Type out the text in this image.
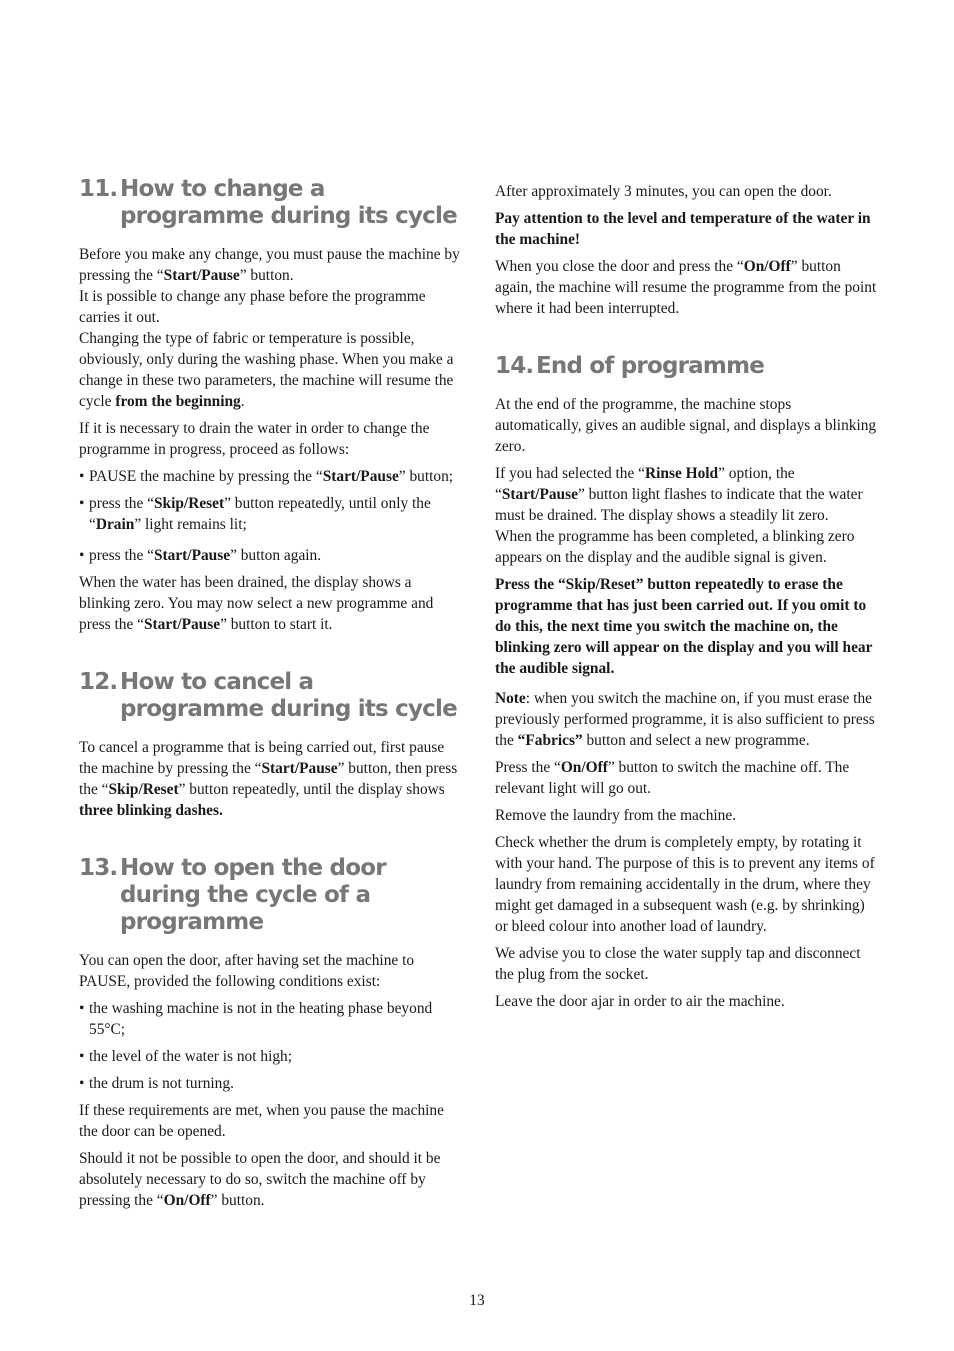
11. How to change a programme during its cycle

Before you make any change, you must pause the machine by pressing the “Start/Pause” button.

It is possible to change any phase before the programme carries it out.

Changing the type of fabric or temperature is possible, obviously, only during the washing phase. When you make a change in these two parameters, the machine will resume the cycle from the beginning.

If it is necessary to drain the water in order to change the programme in progress, proceed as follows:

• PAUSE the machine by pressing the “Start/Pause” button;
• press the “Skip/Reset” button repeatedly, until only the “Drain” light remains lit;
• press the “Start/Pause” button again.

When the water has been drained, the display shows a blinking zero. You may now select a new programme and press the “Start/Pause” button to start it.

12. How to cancel a programme during its cycle

To cancel a programme that is being carried out, first pause the machine by pressing the “Start/Pause” button, then press the “Skip/Reset” button repeatedly, until the display shows three blinking dashes.

13. How to open the door during the cycle of a programme

You can open the door, after having set the machine to PAUSE, provided the following conditions exist:

• the washing machine is not in the heating phase beyond 55°C;
• the level of the water is not high;
• the drum is not turning.

If these requirements are met, when you pause the machine the door can be opened.

Should it not be possible to open the door, and should it be absolutely necessary to do so, switch the machine off by pressing the “On/Off” button.

After approximately 3 minutes, you can open the door.

Pay attention to the level and temperature of the water in the machine!

When you close the door and press the “On/Off” button again, the machine will resume the programme from the point where it had been interrupted.

14. End of programme

At the end of the programme, the machine stops automatically, gives an audible signal, and displays a blinking zero.

If you had selected the “Rinse Hold” option, the “Start/Pause” button light flashes to indicate that the water must be drained. The display shows a steadily lit zero.

When the programme has been completed, a blinking zero appears on the display and the audible signal is given.

Press the “Skip/Reset” button repeatedly to erase the programme that has just been carried out. If you omit to do this, the next time you switch the machine on, the blinking zero will appear on the display and you will hear the audible signal.

Note: when you switch the machine on, if you must erase the previously performed programme, it is also sufficient to press the “Fabrics” button and select a new programme.

Press the “On/Off” button to switch the machine off. The relevant light will go out.

Remove the laundry from the machine.

Check whether the drum is completely empty, by rotating it with your hand. The purpose of this is to prevent any items of laundry from remaining accidentally in the drum, where they might get damaged in a subsequent wash (e.g. by shrinking) or bleed colour into another load of laundry.

We advise you to close the water supply tap and disconnect the plug from the socket.

Leave the door ajar in order to air the machine.

13
